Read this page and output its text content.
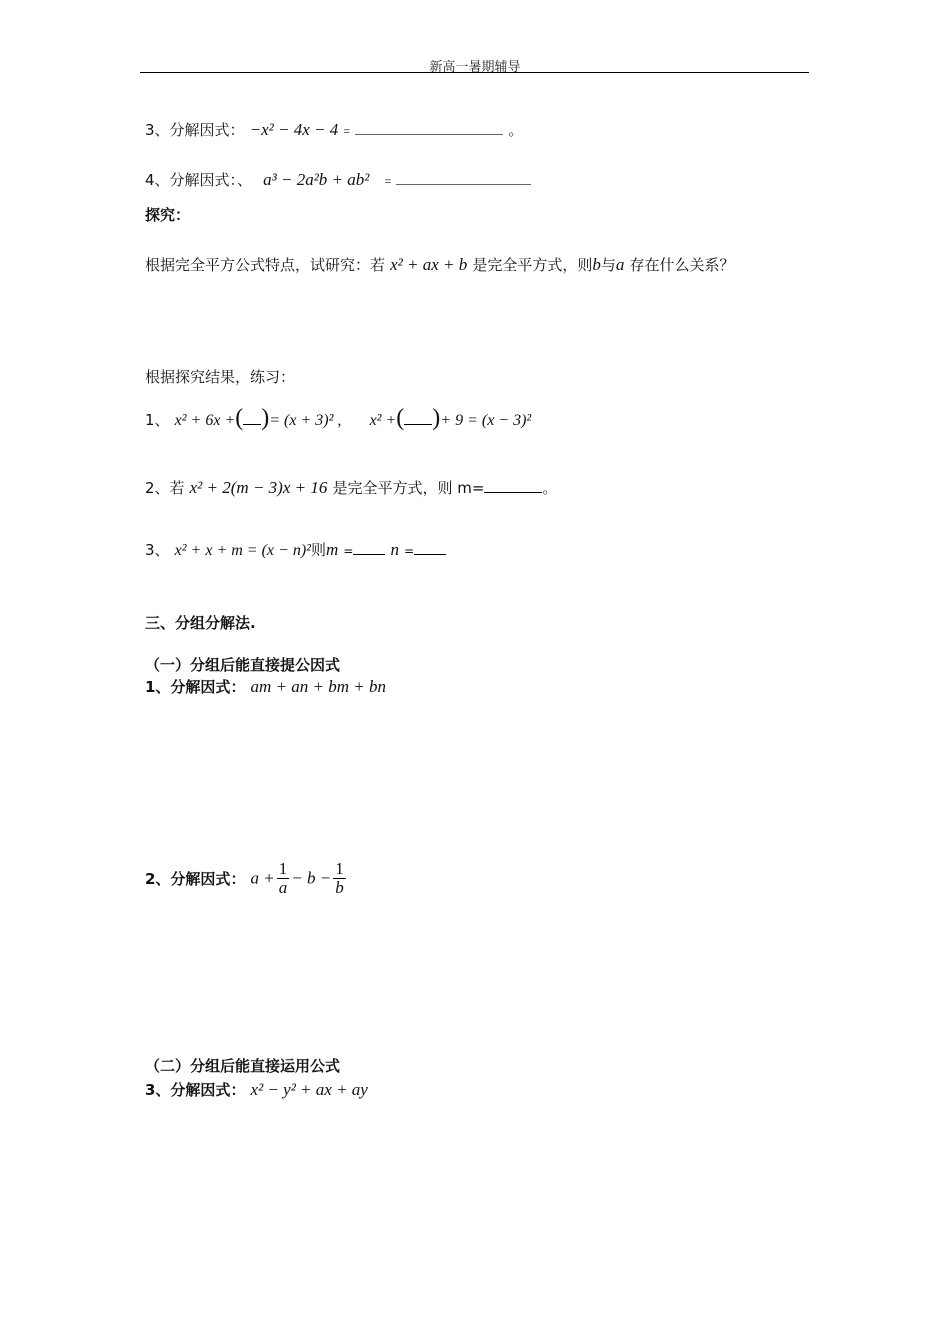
新高一暑期辅导
3、分解因式： −x² − 4x − 4 =	。
4、分解因式：、 a³ − 2a²b + ab² =
探究：
根据完全平方公式特点，试研究：若 x² + ax + b 是完全平方式，则b与a 存在什么关系？
根据探究结果，练习：
1、 x² + 6x +( )= (x + 3)² , x² +( )+ 9 = (x − 3)²
2、若 x² + 2(m − 3)x + 16 是完全平方式，则 m=	。
3、 x² + x + m = (x − n)²则m = n =
三、分组分解法.
（一）分组后能直接提公因式
1、分解因式： am + an + bm + bn
2、分解因式： $a + \frac{1}{a} - b - \frac{1}{b}$
（二）分组后能直接运用公式
3、分解因式： x² − y² + ax + ay
